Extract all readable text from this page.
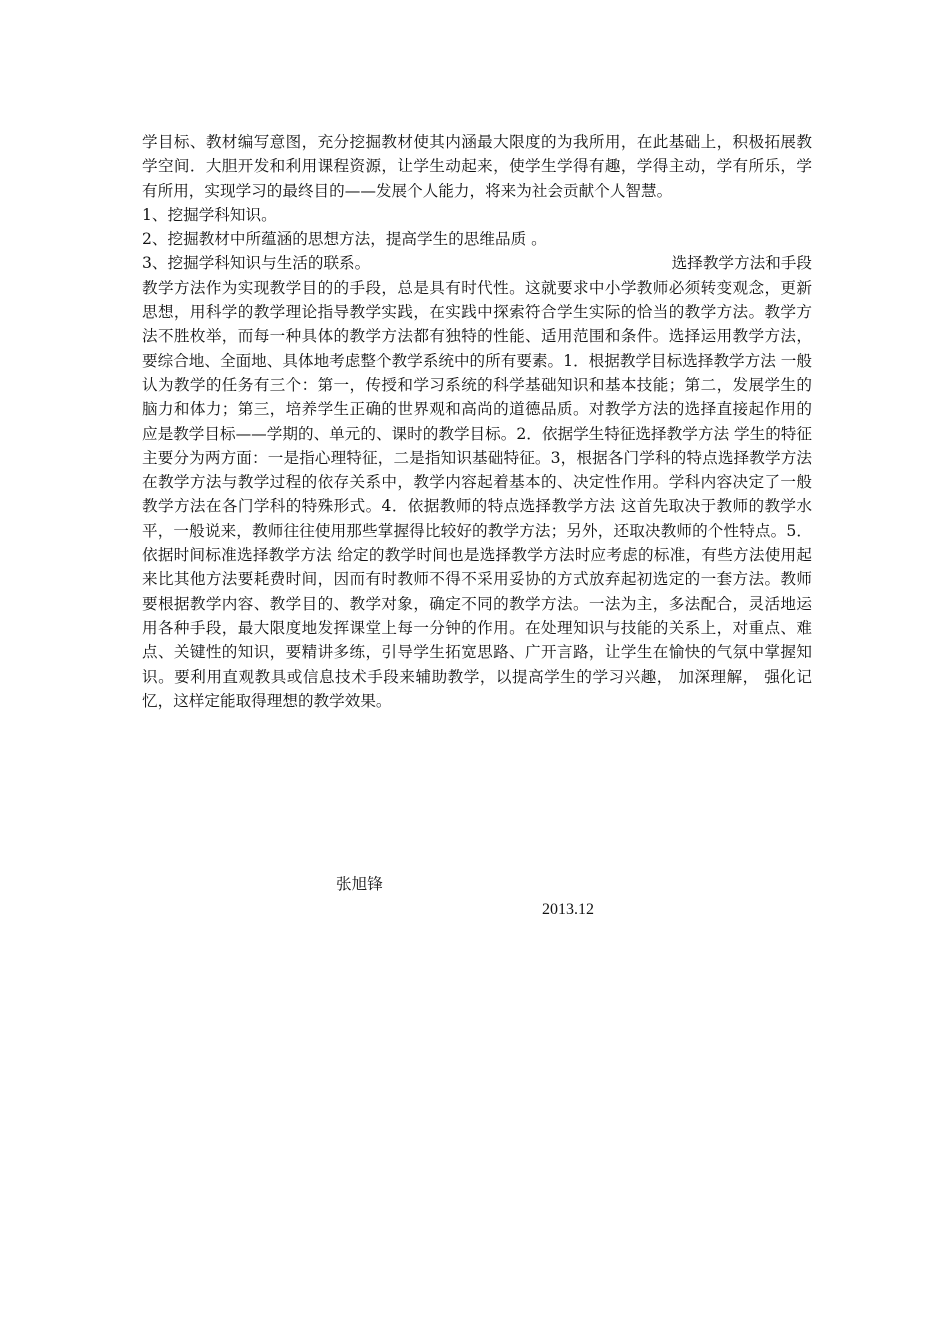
学目标、教材编写意图，充分挖掘教材使其内涵最大限度的为我所用，在此基础上，积极拓展教学空间．大胆开发和利用课程资源，让学生动起来，使学生学得有趣，学得主动，学有所乐，学有所用，实现学习的最终目的——发展个人能力，将来为社会贡献个人智慧。

1、挖掘学科知识。

2、挖掘教材中所蕴涵的思想方法，提高学生的思维品质 。

3、挖掘学科知识与生活的联系。	选择教学方法和手段

教学方法作为实现教学目的的手段，总是具有时代性。这就要求中小学教师必须转变观念，更新思想，用科学的教学理论指导教学实践，在实践中探索符合学生实际的恰当的教学方法。教学方法不胜枚举，而每一种具体的教学方法都有独特的性能、适用范围和条件。选择运用教学方法，要综合地、全面地、具体地考虑整个教学系统中的所有要素。1．根据教学目标选择教学方法 一般认为教学的任务有三个：第一，传授和学习系统的科学基础知识和基本技能；第二，发展学生的脑力和体力；第三，培养学生正确的世界观和高尚的道德品质。对教学方法的选择直接起作用的应是教学目标——学期的、单元的、课时的教学目标。2．依据学生特征选择教学方法 学生的特征主要分为两方面：一是指心理特征，二是指知识基础特征。3，根据各门学科的特点选择教学方法 在教学方法与教学过程的依存关系中，教学内容起着基本的、决定性作用。学科内容决定了一般教学方法在各门学科的特殊形式。4．依据教师的特点选择教学方法 这首先取决于教师的教学水平，一般说来，教师往往使用那些掌握得比较好的教学方法；另外，还取决教师的个性特点。5．依据时间标准选择教学方法 给定的教学时间也是选择教学方法时应考虑的标准，有些方法使用起来比其他方法要耗费时间，因而有时教师不得不采用妥协的方式放弃起初选定的一套方法。教师要根据教学内容、教学目的、教学对象，确定不同的教学方法。一法为主，多法配合，灵活地运用各种手段，最大限度地发挥课堂上每一分钟的作用。在处理知识与技能的关系上，对重点、难点、关键性的知识，要精讲多练，引导学生拓宽思路、广开言路，让学生在愉快的气氛中掌握知识。要利用直观教具或信息技术手段来辅助教学，以提高学生的学习兴趣， 加深理解， 强化记忆，这样定能取得理想的教学效果。

张旭锋
2013.12
